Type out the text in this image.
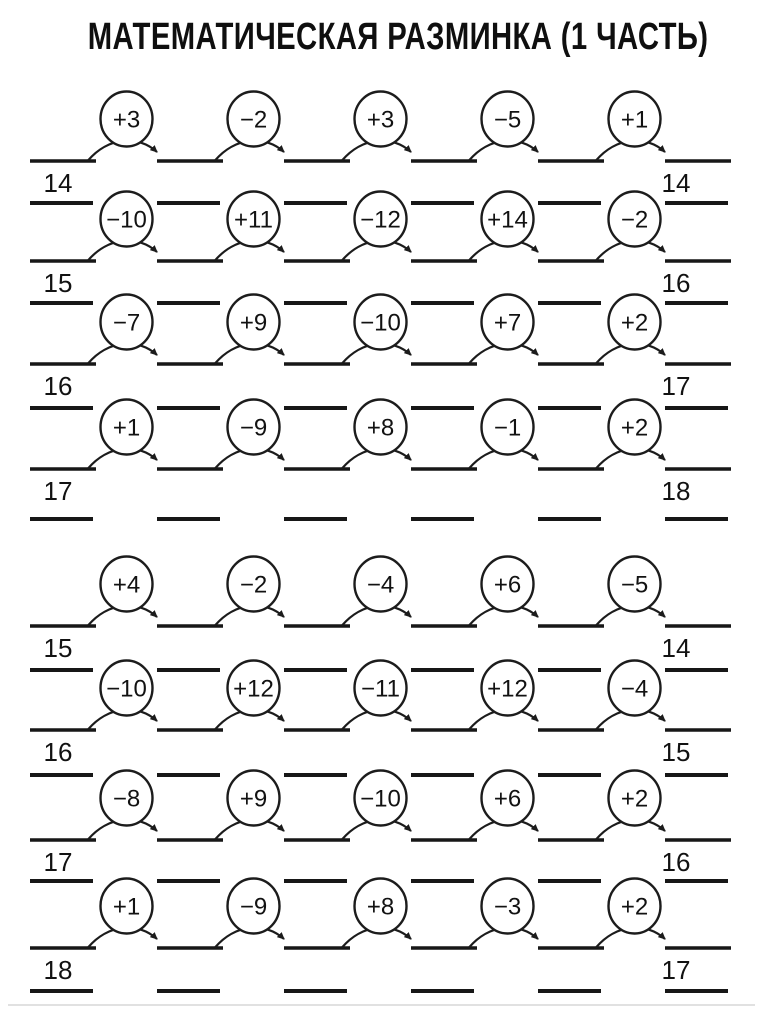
МАТЕМАТИЧЕСКАЯ РАЗМИНКА (1 ЧАСТЬ)
+3	−2	+3	−5	+1
14	14
−10	+11	−12	+14	−2
15	16
−7	+9	−10	+7	+2
16	17
+1	−9	+8	−1	+2
17	18
+4	−2	−4	+6	−5
15	14
−10	+12	−11	+12	−4
16	15
−8	+9	−10	+6	+2
17	16
+1	−9	+8	−3	+2
18	17
